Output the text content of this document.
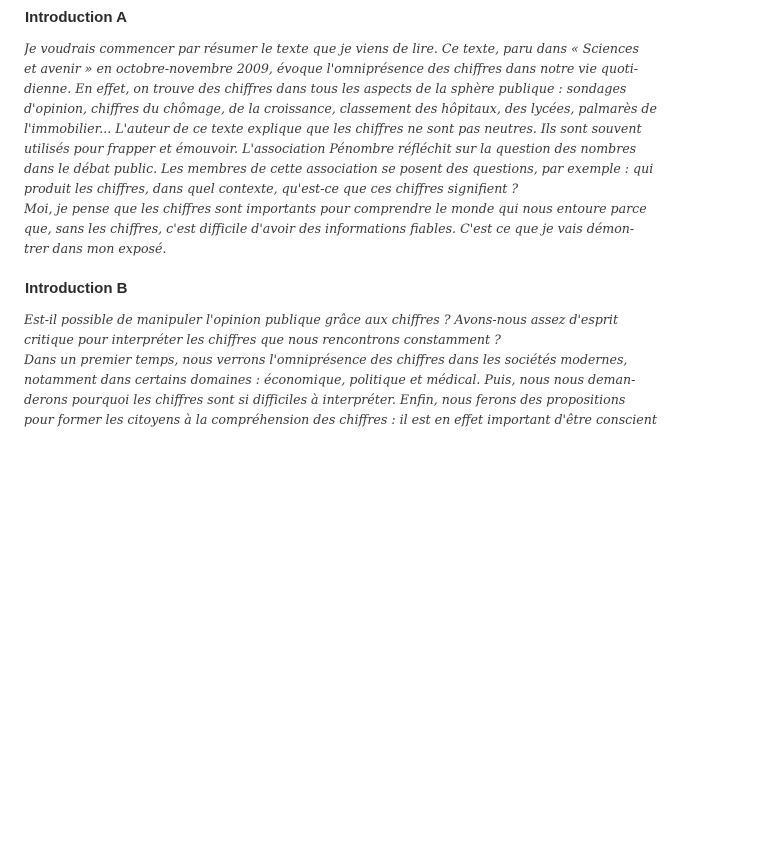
Introduction A
Je voudrais commencer par résumer le texte que je viens de lire. Ce texte, paru dans « Sciences
et avenir » en octobre-novembre 2009, évoque l'omniprésence des chiffres dans notre vie quoti-
dienne. En effet, on trouve des chiffres dans tous les aspects de la sphère publique : sondages
d'opinion, chiffres du chômage, de la croissance, classement des hôpitaux, des lycées, palmarès de
l'immobilier... L'auteur de ce texte explique que les chiffres ne sont pas neutres. Ils sont souvent
utilisés pour frapper et émouvoir. L'association Pénombre réfléchit sur la question des nombres
dans le débat public. Les membres de cette association se posent des questions, par exemple : qui
produit les chiffres, dans quel contexte, qu'est-ce que ces chiffres signifient ?
Moi, je pense que les chiffres sont importants pour comprendre le monde qui nous entoure parce
que, sans les chiffres, c'est difficile d'avoir des informations fiables. C'est ce que je vais démon-
trer dans mon exposé.
Introduction B
Est-il possible de manipuler l'opinion publique grâce aux chiffres ? Avons-nous assez d'esprit
critique pour interpréter les chiffres que nous rencontrons constamment ?
Dans un premier temps, nous verrons l'omniprésence des chiffres dans les sociétés modernes,
notamment dans certains domaines : économique, politique et médical. Puis, nous nous deman-
derons pourquoi les chiffres sont si difficiles à interpréter. Enfin, nous ferons des propositions
pour former les citoyens à la compréhension des chiffres : il est en effet important d'être conscient
